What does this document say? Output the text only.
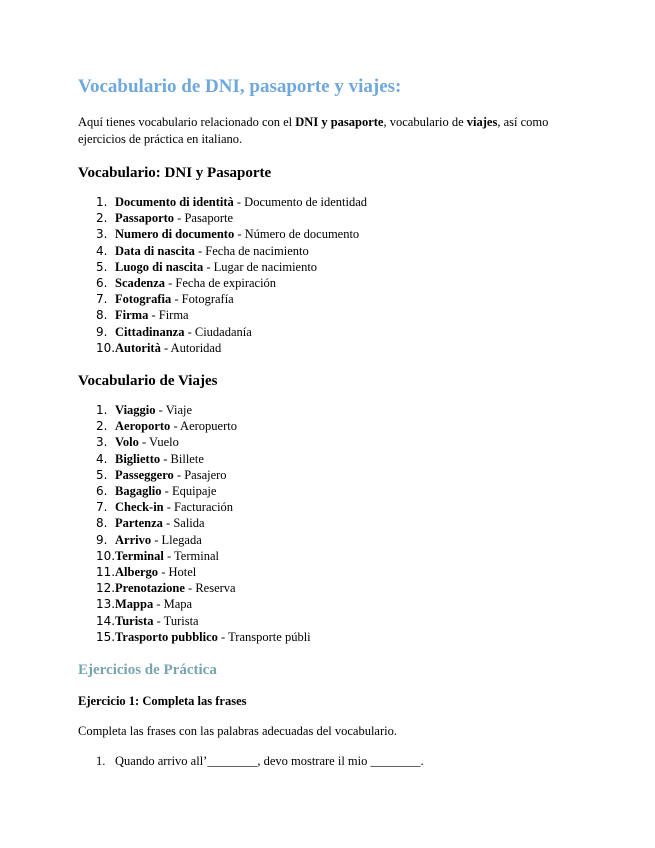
Vocabulario de DNI, pasaporte y viajes:

Aquí tienes vocabulario relacionado con el DNI y pasaporte, vocabulario de viajes, así como ejercicios de práctica en italiano.

Vocabulario: DNI y Pasaporte
1. Documento di identità - Documento de identidad
2. Passaporto - Pasaporte
3. Numero di documento - Número de documento
4. Data di nascita - Fecha de nacimiento
5. Luogo di nascita - Lugar de nacimiento
6. Scadenza - Fecha de expiración
7. Fotografia - Fotografía
8. Firma - Firma
9. Cittadinanza - Ciudadanía
10. Autorità - Autoridad
Vocabulario de Viajes
1. Viaggio - Viaje
2. Aeroporto - Aeropuerto
3. Volo - Vuelo
4. Biglietto - Billete
5. Passeggero - Pasajero
6. Bagaglio - Equipaje
7. Check-in - Facturación
8. Partenza - Salida
9. Arrivo - Llegada
10. Terminal - Terminal
11. Albergo - Hotel
12. Prenotazione - Reserva
13. Mappa - Mapa
14. Turista - Turista
15. Trasporto pubblico - Transporte públi
Ejercicios de Práctica
Ejercicio 1: Completa las frases
Completa las frases con las palabras adecuadas del vocabulario.
1. Quando arrivo all’________, devo mostrare il mio ________.
